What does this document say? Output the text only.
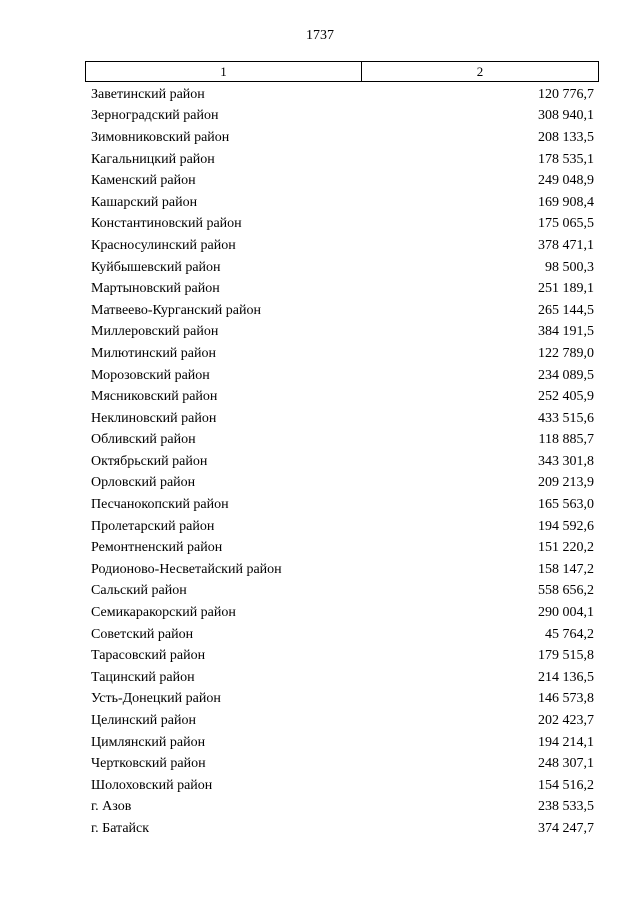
1737
1	2
Заветинский район	120 776,7
Зерноградский район	308 940,1
Зимовниковский район	208 133,5
Кагальницкий район	178 535,1
Каменский район	249 048,9
Кашарский район	169 908,4
Константиновский район	175 065,5
Красносулинский район	378 471,1
Куйбышевский район	98 500,3
Мартыновский район	251 189,1
Матвеево-Курганский район	265 144,5
Миллеровский район	384 191,5
Милютинский район	122 789,0
Морозовский район	234 089,5
Мясниковский район	252 405,9
Неклиновский район	433 515,6
Обливский район	118 885,7
Октябрьский район	343 301,8
Орловский район	209 213,9
Песчанокопский район	165 563,0
Пролетарский район	194 592,6
Ремонтненский район	151 220,2
Родионово-Несветайский район	158 147,2
Сальский район	558 656,2
Семикаракорский район	290 004,1
Советский район	45 764,2
Тарасовский район	179 515,8
Тацинский район	214 136,5
Усть-Донецкий район	146 573,8
Целинский район	202 423,7
Цимлянский район	194 214,1
Чертковский район	248 307,1
Шолоховский район	154 516,2
г. Азов	238 533,5
г. Батайск	374 247,7
